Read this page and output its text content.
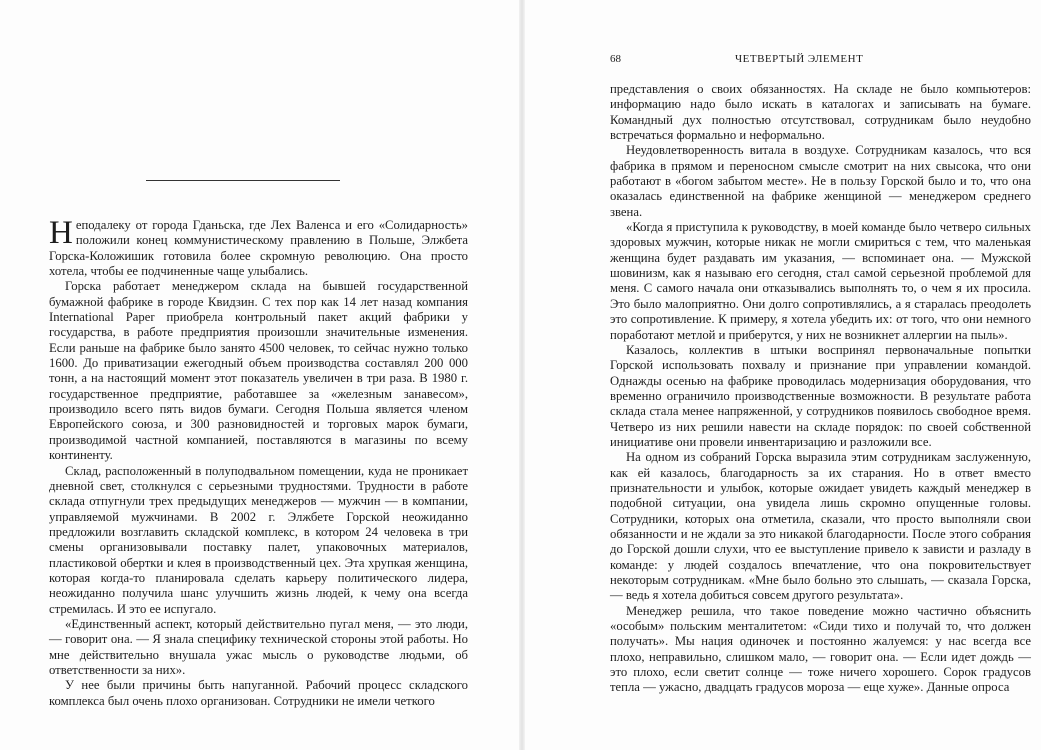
Неподалеку от города Гданьска, где Лех Валенса и его «Солидарность» положили конец коммунистическому правлению в Польше, Элжбета Горска-Коложишик готовила более скромную революцию. Она просто хотела, чтобы ее подчиненные чаще улыбались.

Горска работает менеджером склада на бывшей государственной бумажной фабрике в городе Квидзин. С тех пор как 14 лет назад компания International Paper приобрела контрольный пакет акций фабрики у государства, в работе предприятия произошли значительные изменения. Если раньше на фабрике было занято 4500 человек, то сейчас нужно только 1600. До приватизации ежегодный объем производства составлял 200 000 тонн, а на настоящий момент этот показатель увеличен в три раза. В 1980 г. государственное предприятие, работавшее за «железным занавесом», производило всего пять видов бумаги. Сегодня Польша является членом Европейского союза, и 300 разновидностей и торговых марок бумаги, производимой частной компанией, поставляются в магазины по всему континенту.

Склад, расположенный в полуподвальном помещении, куда не проникает дневной свет, столкнулся с серьезными трудностями. Трудности в работе склада отпугнули трех предыдущих менеджеров — мужчин — в компании, управляемой мужчинами. В 2002 г. Элжбете Горской неожиданно предложили возглавить складской комплекс, в котором 24 человека в три смены организовывали поставку палет, упаковочных материалов, пластиковой обертки и клея в производственный цех. Эта хрупкая женщина, которая когда-то планировала сделать карьеру политического лидера, неожиданно получила шанс улучшить жизнь людей, к чему она всегда стремилась. И это ее испугало.

«Единственный аспект, который действительно пугал меня, — это люди, — говорит она. — Я знала специфику технической стороны этой работы. Но мне действительно внушала ужас мысль о руководстве людьми, об ответственности за них».

У нее были причины быть напуганной. Рабочий процесс складского комплекса был очень плохо организован. Сотрудники не имели четкого

68	ЧЕТВЕРТЫЙ ЭЛЕМЕНТ

представления о своих обязанностях. На складе не было компьютеров: информацию надо было искать в каталогах и записывать на бумаге. Командный дух полностью отсутствовал, сотрудникам было неудобно встречаться формально и неформально.

Неудовлетворенность витала в воздухе. Сотрудникам казалось, что вся фабрика в прямом и переносном смысле смотрит на них свысока, что они работают в «богом забытом месте». Не в пользу Горской было и то, что она оказалась единственной на фабрике женщиной — менеджером среднего звена.

«Когда я приступила к руководству, в моей команде было четверо сильных здоровых мужчин, которые никак не могли смириться с тем, что маленькая женщина будет раздавать им указания, — вспоминает она. — Мужской шовинизм, как я называю его сегодня, стал самой серьезной проблемой для меня. С самого начала они отказывались выполнять то, о чем я их просила. Это было малоприятно. Они долго сопротивлялись, а я старалась преодолеть это сопротивление. К примеру, я хотела убедить их: от того, что они немного поработают метлой и приберутся, у них не возникнет аллергии на пыль».

Казалось, коллектив в штыки воспринял первоначальные попытки Горской использовать похвалу и признание при управлении командой. Однажды осенью на фабрике проводилась модернизация оборудования, что временно ограничило производственные возможности. В результате работа склада стала менее напряженной, у сотрудников появилось свободное время. Четверо из них решили навести на складе порядок: по своей собственной инициативе они провели инвентаризацию и разложили все.

На одном из собраний Горска выразила этим сотрудникам заслуженную, как ей казалось, благодарность за их старания. Но в ответ вместо признательности и улыбок, которые ожидает увидеть каждый менеджер в подобной ситуации, она увидела лишь скромно опущенные головы. Сотрудники, которых она отметила, сказали, что просто выполняли свои обязанности и не ждали за это никакой благодарности. После этого собрания до Горской дошли слухи, что ее выступление привело к зависти и разладу в команде: у людей создалось впечатление, что она покровительствует некоторым сотрудникам. «Мне было больно это слышать, — сказала Горска, — ведь я хотела добиться совсем другого результата».

Менеджер решила, что такое поведение можно частично объяснить «особым» польским менталитетом: «Сиди тихо и получай то, что должен получать». Мы нация одиночек и постоянно жалуемся: у нас всегда все плохо, неправильно, слишком мало, — говорит она. — Если идет дождь — это плохо, если светит солнце — тоже ничего хорошего. Сорок градусов тепла — ужасно, двадцать градусов мороза — еще хуже». Данные опроса
